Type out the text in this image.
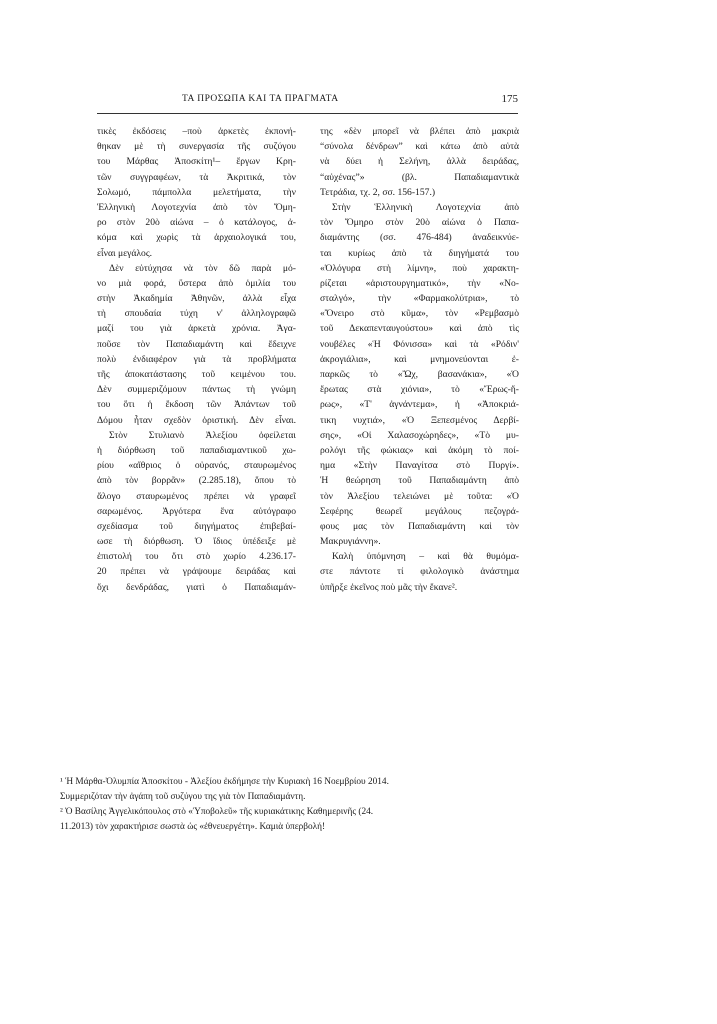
ΤΑ ΠΡΟΣΩΠΑ ΚΑΙ ΤΑ ΠΡΑΓΜΑΤΑ	175
τικὲς ἐκδόσεις –ποὺ ἀρκετὲς ἐκπονή-
θηκαν μὲ τὴ συνεργασία τῆς συζύγου
του Μάρθας Ἀποσκίτη¹– ἔργων Κρη-
τῶν συγγραφέων, τὰ Ἀκριτικά, τὸν
Σολωμό, πάμπολλα μελετήματα, τὴν
Ἑλληνικὴ Λογοτεχνία ἀπὸ τὸν Ὅμη-
ρο στὸν 20ὸ αἰώνα – ὁ κατάλογος, ἀ-
κόμα καὶ χωρὶς τὰ ἀρχαιολογικά του,
εἶναι μεγάλος.
Δὲν εὐτύχησα νὰ τὸν δῶ παρὰ μό-
νο μιὰ φορά, ὕστερα ἀπὸ ὁμιλία του
στὴν Ἀκαδημία Ἀθηνῶν, ἀλλὰ εἶχα
τὴ σπουδαία τύχη ν' ἀλληλογραφῶ
μαζί του γιὰ ἀρκετὰ χρόνια. Ἀγα-
ποῦσε τὸν Παπαδιαμάντη καὶ ἔδειχνε
πολὺ ἐνδιαφέρον γιὰ τὰ προβλήματα
τῆς ἀποκατάστασης τοῦ κειμένου του.
Δὲν συμμεριζόμουν πάντως τὴ γνώμη
του ὅτι ἡ ἔκδοση τῶν Ἀπάντων τοῦ
Δόμου ἦταν σχεδὸν ὁριστική. Δὲν εἶναι.
Στὸν Στυλιανὸ Ἀλεξίου ὀφείλεται
ἡ διόρθωση τοῦ παπαδιαμαντικοῦ χω-
ρίου «αἴθριος ὁ οὐρανός, σταυρωμένος
ἀπὸ τὸν βορρᾶν» (2.285.18), ὅπου τὸ
ἄλογο σταυρωμένος πρέπει νὰ γραφεῖ
σαρωμένος. Ἀργότερα ἕνα αὐτόγραφο
σχεδίασμα τοῦ διηγήματος ἐπιβεβαί-
ωσε τὴ διόρθωση. Ὁ ἴδιος ὑπέδειξε μὲ
ἐπιστολή του ὅτι στὸ χωρίο 4.236.17-
20 πρέπει νὰ γράψουμε δειράδας καὶ
ὄχι δενδράδας, γιατὶ ὁ Παπαδιαμάν-
της «δὲν μπορεῖ νὰ βλέπει ἀπὸ μακριὰ
“σύνολα δένδρων” καὶ κάτω ἀπὸ αὐτὰ
νὰ δύει ἡ Σελήνη, ἀλλὰ δειράδας,
“αὐχένας”» (βλ. Παπαδιαμαντικὰ
Τετράδια, τχ. 2, σσ. 156-157.)
Στὴν Ἑλληνικὴ Λογοτεχνία ἀπὸ
τὸν Ὅμηρο στὸν 20ὸ αἰώνα ὁ Παπα-
διαμάντης (σσ. 476-484) ἀναδεικνύε-
ται κυρίως ἀπὸ τὰ διηγήματά του
«Ὁλόγυρα στὴ λίμνη», ποὺ χαρακτη-
ρίζεται «ἀριστουργηματικό», τὴν «Νο-
σταλγό», τὴν «Φαρμακολύτρια», τὸ
«Ὄνειρο στὸ κῦμα», τὸν «Ρεμβασμὸ
τοῦ Δεκαπενταυγούστου» καὶ ἀπὸ τὶς
νουβέλες «Ἡ Φόνισσα» καὶ τὰ «Ρόδιν'
ἀκρογιάλια», καὶ μνημονεύονται ἐ-
παρκῶς τὸ «Ὤχ, βασανάκια», «Ὁ
ἔρωτας στὰ χιόνια», τὸ «Ἔρως-ἥ-
ρως», «Τ' ἀγνάντεμα», ἡ «Ἀποκριά-
τικη νυχτιά», «Ὁ Ξεπεσμένος Δερβί-
σης», «Οἱ Χαλασοχώρηδες», «Τὸ μυ-
ρολόγι τῆς φώκιας» καὶ ἀκόμη τὸ ποί-
ημα «Στὴν Παναγίτσα στὸ Πυργί».
Ἡ θεώρηση τοῦ Παπαδιαμάντη ἀπὸ
τὸν Ἀλεξίου τελειώνει μὲ τοῦτα: «Ὁ
Σεφέρης θεωρεῖ μεγάλους πεζογρά-
φους μας τὸν Παπαδιαμάντη καὶ τὸν
Μακρυγιάννη».
Καλὴ ὑπόμνηση – καὶ θὰ θυμόμα-
στε πάντοτε τί φιλολογικὸ ἀνάστημα
ὑπῆρξε ἐκεῖνος ποὺ μᾶς τὴν ἔκανε².
¹ Ἡ Μάρθα-Ὀλυμπία Ἀποσκίτου - Ἀλεξίου ἐκδήμησε τὴν Κυριακὴ 16 Νοεμβρίου 2014.
Συμμεριζόταν τὴν ἀγάπη τοῦ συζύγου της γιὰ τὸν Παπαδιαμάντη.
² Ὁ Βασίλης Ἀγγελικόπουλος στὸ «Ὑποβολεῦ» τῆς κυριακάτικης Καθημερινῆς (24.
11.2013) τὸν χαρακτήρισε σωστὰ ὡς «ἐθνευεργέτη». Καμιὰ ὑπερβολή!
